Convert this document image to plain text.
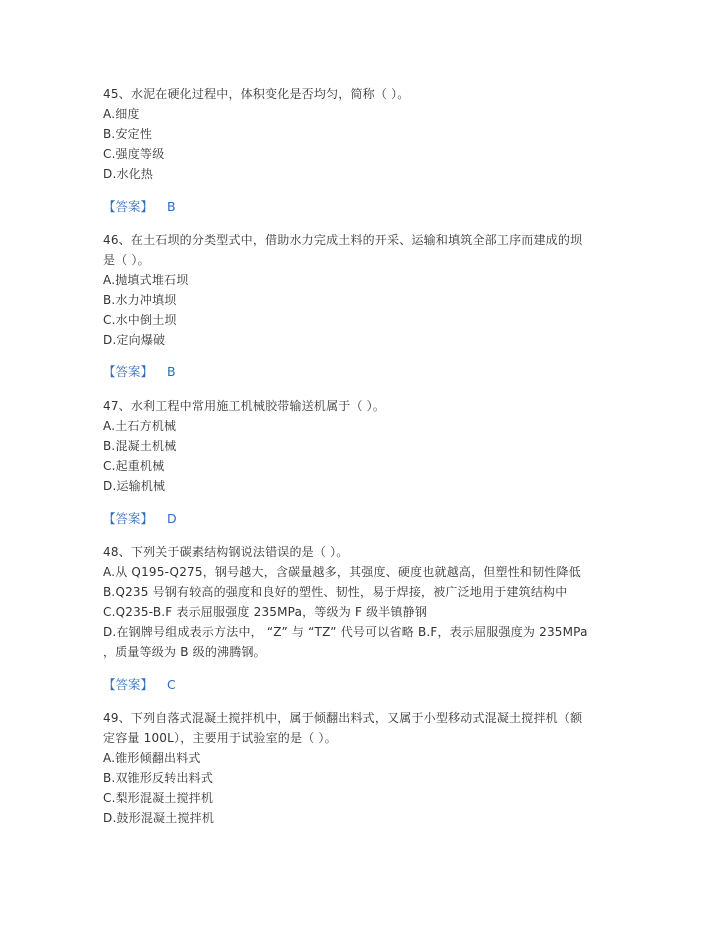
45、水泥在硬化过程中，体积变化是否均匀，简称（ ）。
A.细度
B.安定性
C.强度等级
D.水化热
【答案】 B
46、在土石坝的分类型式中，借助水力完成土料的开采、运输和填筑全部工序而建成的坝
是（ ）。
A.抛填式堆石坝
B.水力冲填坝
C.水中倒土坝
D.定向爆破
【答案】 B
47、水利工程中常用施工机械胶带输送机属于（ ）。
A.土石方机械
B.混凝土机械
C.起重机械
D.运输机械
【答案】 D
48、下列关于碳素结构钢说法错误的是（ ）。
A.从 Q195-Q275，钢号越大，含碳量越多，其强度、硬度也就越高，但塑性和韧性降低
B.Q235 号钢有较高的强度和良好的塑性、韧性，易于焊接，被广泛地用于建筑结构中
C.Q235-B.F 表示屈服强度 235MPa，等级为 F 级半镇静钢
D.在钢牌号组成表示方法中， “Z” 与 “TZ” 代号可以省略 B.F，表示屈服强度为 235MPa
，质量等级为 B 级的沸腾钢。
【答案】 C
49、下列自落式混凝土搅拌机中，属于倾翻出料式，又属于小型移动式混凝土搅拌机（额
定容量 100L），主要用于试验室的是（ ）。
A.锥形倾翻出料式
B.双锥形反转出料式
C.梨形混凝土搅拌机
D.鼓形混凝土搅拌机
